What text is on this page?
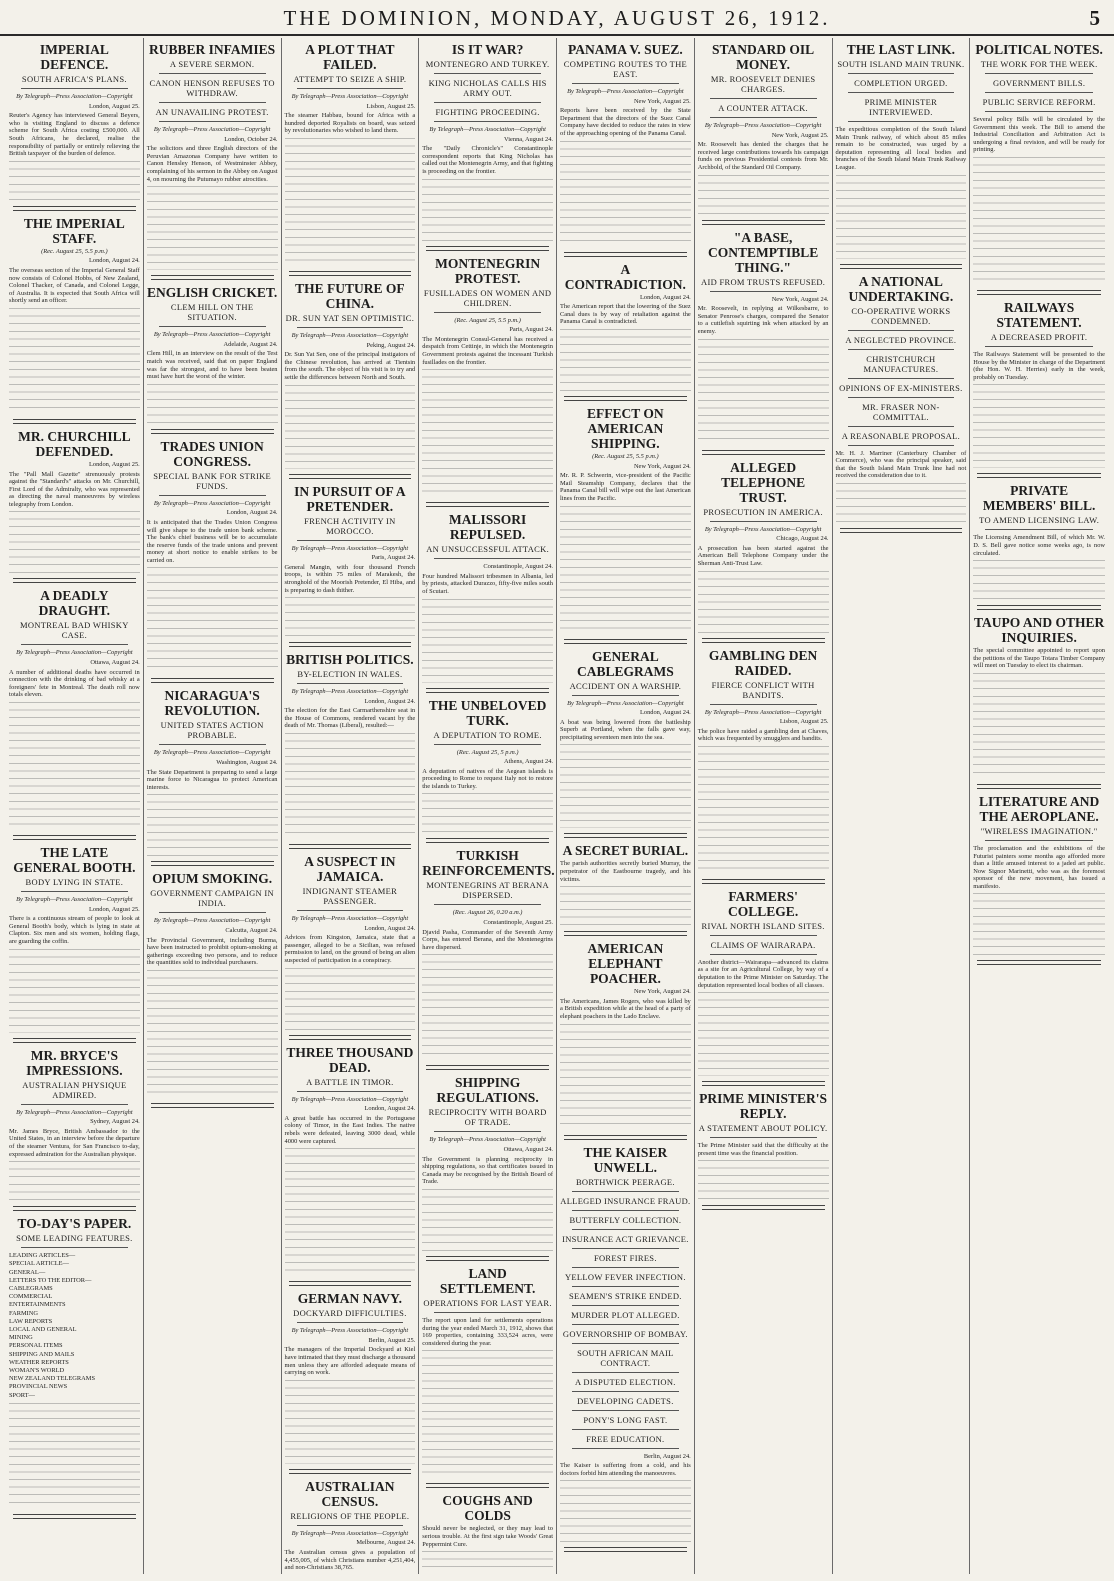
THE DOMINION, MONDAY, AUGUST 26, 1912.	5
IMPERIAL DEFENCE.
SOUTH AFRICA'S PLANS.
By Telegraph—Press Association—Copyright
London, August 25.
Reuter's Agency has interviewed General Beyers, who is visiting England to discuss a defence scheme for South Africa costing £500,000. All South Africans, he declared, realise the responsibility of partially or entirely relieving the British taxpayer of the burden of defence.
THE IMPERIAL STAFF.
(Rec. August 25, 5.5 p.m.)
London, August 24.
The overseas section of the Imperial General Staff now consists of Colonel Hobbs, of New Zealand, Colonel Thacker, of Canada, and Colonel Legge, of Australia. It is expected that South Africa will shortly send an officer.
MR. CHURCHILL DEFENDED.
London, August 25.
The "Pall Mall Gazette" strenuously protests against the "Standard's" attacks on Mr. Churchill, First Lord of the Admiralty, who was represented as directing the naval manoeuvres by wireless telegraphy from London.
A DEADLY DRAUGHT.
MONTREAL BAD WHISKY CASE.
By Telegraph—Press Association—Copyright
Ottawa, August 24.
A number of additional deaths have occurred in connection with the drinking of bad whisky at a foreigners' fete in Montreal. The death roll now totals eleven.
THE LATE GENERAL BOOTH.
BODY LYING IN STATE.
By Telegraph—Press Association—Copyright
London, August 25.
There is a continuous stream of people to look at General Booth's body, which is lying in state at Clapton. Six men and six women, holding flags, are guarding the coffin.
MR. BRYCE'S IMPRESSIONS.
AUSTRALIAN PHYSIQUE ADMIRED.
By Telegraph—Press Association—Copyright
Sydney, August 24.
Mr. James Bryce, British Ambassador to the United States, in an interview before the departure of the steamer Ventura, for San Francisco to-day, expressed admiration for the Australian physique.
TO-DAY'S PAPER.
SOME LEADING FEATURES.
LEADING ARTICLES—
SPECIAL ARTICLE—
GENERAL—
LETTERS TO THE EDITOR—
CABLEGRAMS
COMMERCIAL
ENTERTAINMENTS
FARMING
LAW REPORTS
LOCAL AND GENERAL
MINING
PERSONAL ITEMS
SHIPPING AND MAILS
WEATHER REPORTS
WOMAN'S WORLD
NEW ZEALAND TELEGRAMS
PROVINCIAL NEWS
SPORT—
RUBBER INFAMIES
A SEVERE SERMON.
CANON HENSON REFUSES TO WITHDRAW.
AN UNAVAILING PROTEST.
By Telegraph—Press Association—Copyright
London, October 24.
The solicitors and three English directors of the Peruvian Amazonas Company have written to Canon Hensley Henson, of Westminster Abbey, complaining of his sermon in the Abbey on August 4, on mourning the Putumayo rubber atrocities.
ENGLISH CRICKET.
CLEM HILL ON THE SITUATION.
By Telegraph—Press Association—Copyright
Adelaide, August 24.
Clem Hill, in an interview on the result of the Test match was received, said that on paper England was far the strongest, and to have been beaten must have hurt the worst of the winter.
TRADES UNION CONGRESS.
SPECIAL BANK FOR STRIKE FUNDS.
By Telegraph—Press Association—Copyright
London, August 24.
It is anticipated that the Trades Union Congress will give shape to the trade union bank scheme. The bank's chief business will be to accumulate the reserve funds of the trade unions and prevent money at short notice to enable strikes to be carried on.
NICARAGUA'S REVOLUTION.
UNITED STATES ACTION PROBABLE.
By Telegraph—Press Association—Copyright
Washington, August 24.
The State Department is preparing to send a large marine force to Nicaragua to protect American interests.
OPIUM SMOKING.
GOVERNMENT CAMPAIGN IN INDIA.
By Telegraph—Press Association—Copyright
Calcutta, August 24.
The Provincial Government, including Burma, have been instructed to prohibit opium-smoking at gatherings exceeding two persons, and to reduce the quantities sold to individual purchasers.
A PLOT THAT FAILED.
ATTEMPT TO SEIZE A SHIP.
By Telegraph—Press Association—Copyright
Lisbon, August 25.
The steamer Habbau, bound for Africa with a hundred deported Royalists on board, was seized by revolutionaries who wished to land them.
THE FUTURE OF CHINA.
DR. SUN YAT SEN OPTIMISTIC.
By Telegraph—Press Association—Copyright
Peking, August 24.
Dr. Sun Yat Sen, one of the principal instigators of the Chinese revolution, has arrived at Tientsin from the south. The object of his visit is to try and settle the differences between North and South.
IN PURSUIT OF A PRETENDER.
FRENCH ACTIVITY IN MOROCCO.
By Telegraph—Press Association—Copyright
Paris, August 24.
General Mangin, with four thousand French troops, is within 75 miles of Marakesh, the stronghold of the Moorish Pretender, El Hiba, and is preparing to dash thither.
BRITISH POLITICS.
BY-ELECTION IN WALES.
By Telegraph—Press Association—Copyright
London, August 24.
The election for the East Carmarthenshire seat in the House of Commons, rendered vacant by the death of Mr. Thomas (Liberal), resulted:—
A SUSPECT IN JAMAICA.
INDIGNANT STEAMER PASSENGER.
By Telegraph—Press Association—Copyright
London, August 24.
Advices from Kingston, Jamaica, state that a passenger, alleged to be a Sicilian, was refused permission to land, on the ground of being an alien suspected of participation in a conspiracy.
THREE THOUSAND DEAD.
A BATTLE IN TIMOR.
By Telegraph—Press Association—Copyright
London, August 24.
A great battle has occurred in the Portuguese colony of Timor, in the East Indies. The native rebels were defeated, leaving 3000 dead, while 4000 were captured.
GERMAN NAVY.
DOCKYARD DIFFICULTIES.
By Telegraph—Press Association—Copyright
Berlin, August 25.
The managers of the Imperial Dockyard at Kiel have intimated that they must discharge a thousand men unless they are afforded adequate means of carrying on work.
AUSTRALIAN CENSUS.
RELIGIONS OF THE PEOPLE.
By Telegraph—Press Association—Copyright
Melbourne, August 24.
The Australian census gives a population of 4,455,005, of which Christians number 4,251,404, and non-Christians 38,765.
IS IT WAR?
MONTENEGRO AND TURKEY.
KING NICHOLAS CALLS HIS ARMY OUT.
FIGHTING PROCEEDING.
By Telegraph—Press Association—Copyright
Vienna, August 24.
The "Daily Chronicle's" Constantinople correspondent reports that King Nicholas has called out the Montenegrin Army, and that fighting is proceeding on the frontier.
MONTENEGRIN PROTEST.
FUSILLADES ON WOMEN AND CHILDREN.
(Rec. August 25, 5.5 p.m.)
Paris, August 24.
The Montenegrin Consul-General has received a despatch from Cettinje, in which the Montenegrin Government protests against the incessant Turkish fusillades on the frontier.
MALISSORI REPULSED.
AN UNSUCCESSFUL ATTACK.
Constantinople, August 24.
Four hundred Malissori tribesmen in Albania, led by priests, attacked Durazzo, fifty-five miles south of Scutari.
THE UNBELOVED TURK.
A DEPUTATION TO ROME.
(Rec. August 25, 5 p.m.)
Athens, August 24.
A deputation of natives of the Aegean islands is proceeding to Rome to request Italy not to restore the islands to Turkey.
TURKISH REINFORCEMENTS.
MONTENEGRINS AT BERANA DISPERSED.
(Rec. August 26, 0.20 a.m.)
Constantinople, August 25.
Djavid Pasha, Commander of the Seventh Army Corps, has entered Berana, and the Montenegrins have dispersed.
SHIPPING REGULATIONS.
RECIPROCITY WITH BOARD OF TRADE.
By Telegraph—Press Association—Copyright
Ottawa, August 24.
The Government is planning reciprocity in shipping regulations, so that certificates issued in Canada may be recognised by the British Board of Trade.
LAND SETTLEMENT.
OPERATIONS FOR LAST YEAR.
The report upon land for settlements operations during the year ended March 31, 1912, shows that 169 properties, containing 333,524 acres, were considered during the year.
COUGHS AND COLDS
Should never be neglected, or they may lead to serious trouble. At the first sign take Woods' Great Peppermint Cure.
PANAMA V. SUEZ.
COMPETING ROUTES TO THE EAST.
By Telegraph—Press Association—Copyright
New York, August 25.
Reports have been received by the State Department that the directors of the Suez Canal Company have decided to reduce the rates in view of the approaching opening of the Panama Canal.
A CONTRADICTION.
London, August 24.
The American report that the lowering of the Suez Canal dues is by way of retaliation against the Panama Canal is contradicted.
EFFECT ON AMERICAN SHIPPING.
(Rec. August 25, 5.5 p.m.)
New York, August 24.
Mr. R. P. Schwerin, vice-president of the Pacific Mail Steamship Company, declares that the Panama Canal bill will wipe out the last American lines from the Pacific.
GENERAL CABLEGRAMS
ACCIDENT ON A WARSHIP.
By Telegraph—Press Association—Copyright
London, August 24.
A boat was being lowered from the battleship Superb at Portland, when the falls gave way, precipitating seventeen men into the sea.
A SECRET BURIAL.
The parish authorities secretly buried Murray, the perpetrator of the Eastbourne tragedy, and his victims.
AMERICAN ELEPHANT POACHER.
New York, August 24.
The Americans, James Rogers, who was killed by a British expedition while at the head of a party of elephant poachers in the Lado Enclave.
THE KAISER UNWELL.
BORTHWICK PEERAGE.
ALLEGED INSURANCE FRAUD.
BUTTERFLY COLLECTION.
INSURANCE ACT GRIEVANCE.
FOREST FIRES.
YELLOW FEVER INFECTION.
SEAMEN'S STRIKE ENDED.
MURDER PLOT ALLEGED.
GOVERNORSHIP OF BOMBAY.
SOUTH AFRICAN MAIL CONTRACT.
A DISPUTED ELECTION.
DEVELOPING CADETS.
PONY'S LONG FAST.
FREE EDUCATION.
Berlin, August 24.
The Kaiser is suffering from a cold, and his doctors forbid him attending the manoeuvres.
STANDARD OIL MONEY.
MR. ROOSEVELT DENIES CHARGES.
A COUNTER ATTACK.
By Telegraph—Press Association—Copyright
New York, August 25.
Mr. Roosevelt has denied the charges that he received large contributions towards his campaign funds on previous Presidential contests from Mr. Archbold, of the Standard Oil Company.
"A BASE, CONTEMPTIBLE THING."
AID FROM TRUSTS REFUSED.
New York, August 24.
Mr. Roosevelt, in replying at Wilkesbarre, to Senator Penrose's charges, compared the Senator to a cuttlefish squirting ink when attacked by an enemy.
ALLEGED TELEPHONE TRUST.
PROSECUTION IN AMERICA.
By Telegraph—Press Association—Copyright
Chicago, August 24.
A prosecution has been started against the American Bell Telephone Company under the Sherman Anti-Trust Law.
GAMBLING DEN RAIDED.
FIERCE CONFLICT WITH BANDITS.
By Telegraph—Press Association—Copyright
Lisbon, August 25.
The police have raided a gambling den at Chaves, which was frequented by smugglers and bandits.
FARMERS' COLLEGE.
RIVAL NORTH ISLAND SITES.
CLAIMS OF WAIRARAPA.
Another district—Wairarapa—advanced its claims as a site for an Agricultural College, by way of a deputation to the Prime Minister on Saturday. The deputation represented local bodies of all classes.
PRIME MINISTER'S REPLY.
A STATEMENT ABOUT POLICY.
The Prime Minister said that the difficulty at the present time was the financial position.
THE LAST LINK.
SOUTH ISLAND MAIN TRUNK.
COMPLETION URGED.
PRIME MINISTER INTERVIEWED.
The expeditious completion of the South Island Main Trunk railway, of which about 85 miles remain to be constructed, was urged by a deputation representing all local bodies and branches of the South Island Main Trunk Railway League.
A NATIONAL UNDERTAKING.
CO-OPERATIVE WORKS CONDEMNED.
A NEGLECTED PROVINCE.
CHRISTCHURCH MANUFACTURES.
OPINIONS OF EX-MINISTERS.
MR. FRASER NON-COMMITTAL.
A REASONABLE PROPOSAL.
Mr. H. J. Marriner (Canterbury Chamber of Commerce), who was the principal speaker, said that the South Island Main Trunk line had not received the consideration due to it.
POLITICAL NOTES.
THE WORK FOR THE WEEK.
GOVERNMENT BILLS.
PUBLIC SERVICE REFORM.
Several policy Bills will be circulated by the Government this week. The Bill to amend the Industrial Conciliation and Arbitration Act is undergoing a final revision, and will be ready for printing.
RAILWAYS STATEMENT.
A DECREASED PROFIT.
The Railways Statement will be presented to the House by the Minister in charge of the Department (the Hon. W. H. Herries) early in the week, probably on Tuesday.
PRIVATE MEMBERS' BILL.
TO AMEND LICENSING LAW.
The Licensing Amendment Bill, of which Mr. W. D. S. Bell gave notice some weeks ago, is now circulated.
TAUPO AND OTHER INQUIRIES.
The special committee appointed to report upon the petitions of the Taupo Totara Timber Company will meet on Tuesday to elect its chairman.
LITERATURE AND THE AEROPLANE.
"WIRELESS IMAGINATION."
The proclamation and the exhibitions of the Futurist painters some months ago afforded more than a little amused interest to a jaded art public. Now Signor Marinetti, who was as the foremost sponsor of the new movement, has issued a manifesto.
